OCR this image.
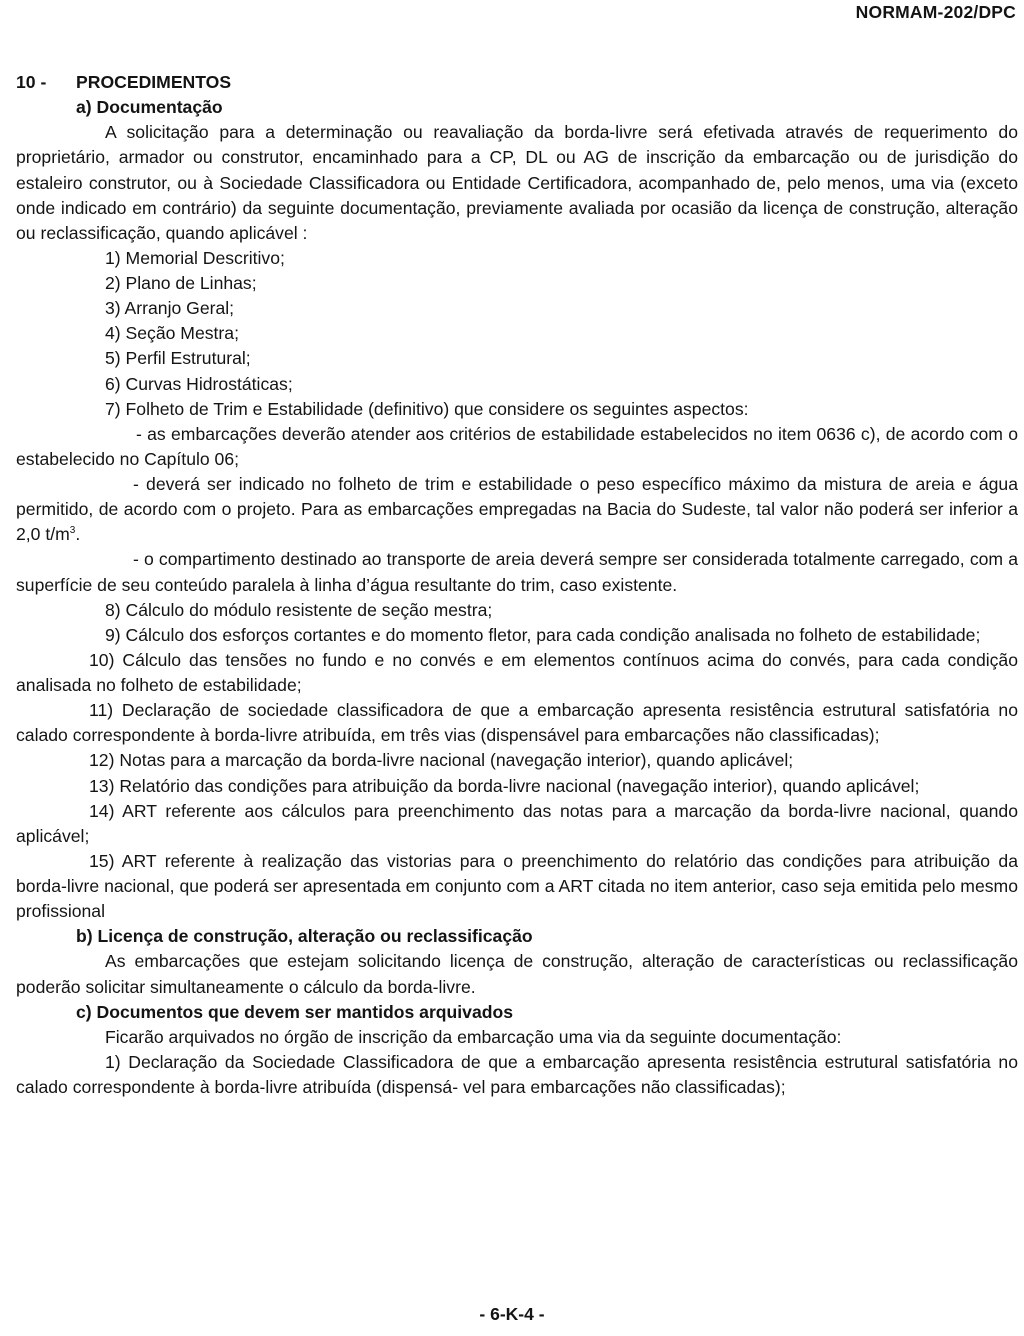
NORMAM-202/DPC

10 - PROCEDIMENTOS

a) Documentação

A solicitação para a determinação ou reavaliação da borda-livre será efetivada através de requerimento do proprietário, armador ou construtor, encaminhado para a CP, DL ou AG de inscrição da embarcação ou de jurisdição do estaleiro construtor, ou à Sociedade Classificadora ou Entidade Certificadora, acompanhado de, pelo menos, uma via (exceto onde indicado em contrário) da seguinte documentação, previamente avaliada por ocasião da licença de construção, alteração ou reclassificação, quando aplicável :

1) Memorial Descritivo;

2) Plano de Linhas;

3) Arranjo Geral;

4) Seção Mestra;

5) Perfil Estrutural;

6) Curvas Hidrostáticas;

7) Folheto de Trim e Estabilidade (definitivo) que considere os seguintes aspectos:

- as embarcações deverão atender aos critérios de estabilidade estabelecidos no item 0636 c), de acordo com o estabelecido no Capítulo 06;

- deverá ser indicado no folheto de trim e estabilidade o peso específico máximo da mistura de areia e água permitido, de acordo com o projeto. Para as embarcações empregadas na Bacia do Sudeste, tal valor não poderá ser inferior a 2,0 $t/m^3$.

- o compartimento destinado ao transporte de areia deverá sempre ser considerada totalmente carregado, com a superfície de seu conteúdo paralela à linha d’água resultante do trim, caso existente.

8) Cálculo do módulo resistente de seção mestra;

9) Cálculo dos esforços cortantes e do momento fletor, para cada condição analisada no folheto de estabilidade;

10) Cálculo das tensões no fundo e no convés e em elementos contínuos acima do convés, para cada condição analisada no folheto de estabilidade;

11) Declaração de sociedade classificadora de que a embarcação apresenta resistência estrutural satisfatória no calado correspondente à borda-livre atribuída, em três vias (dispensável para embarcações não classificadas);

12) Notas para a marcação da borda-livre nacional (navegação interior), quando aplicável;

13) Relatório das condições para atribuição da borda-livre nacional (navegação interior), quando aplicável;

14) ART referente aos cálculos para preenchimento das notas para a marcação da borda-livre nacional, quando aplicável;

15) ART referente à realização das vistorias para o preenchimento do relatório das condições para atribuição da borda-livre nacional, que poderá ser apresentada em conjunto com a ART citada no item anterior, caso seja emitida pelo mesmo profissional

b) Licença de construção, alteração ou reclassificação

As embarcações que estejam solicitando licença de construção, alteração de características ou reclassificação poderão solicitar simultaneamente o cálculo da borda-livre.

c) Documentos que devem ser mantidos arquivados

Ficarão arquivados no órgão de inscrição da embarcação uma via da seguinte documentação:

1) Declaração da Sociedade Classificadora de que a embarcação apresenta resistência estrutural satisfatória no calado correspondente à borda-livre atribuída (dispensá- vel para embarcações não classificadas);

- 6-K-4 -
